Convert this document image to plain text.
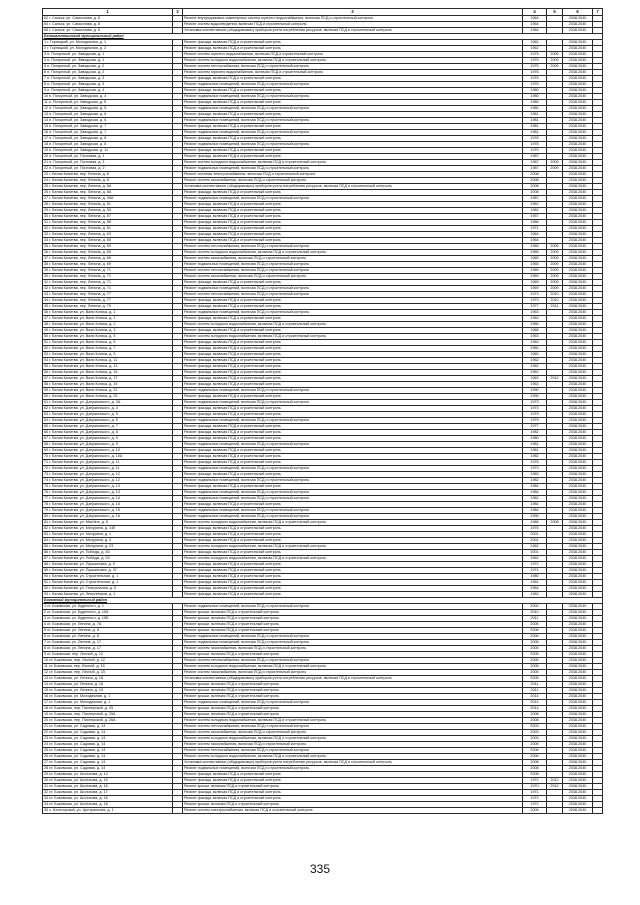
1	2	3	4	5	6	7
62 г. Сальск, ул. Самсонова, д. 8		Ремонт внутридомовых инженерных систем горячего водоснабжения, включая ПСД и строительный контроль	1964		2038-2040	
64 г. Сальск, ул. Самсонова, д. 8		Ремонт систем водоотведения, включая ПСД и строительный контроль	1964		2038-2040	
65 г. Сальск, ул. Самсонова, д. 8		Установка коллективных (общедомовых) приборов учета потребления ресурсов, включая ПСД и строительный контроль	1964		2038-2040	
Белокалитвинский муниципальный район						
1 г. Горняцкий, ул. Молодежная, д. 1		Ремонт фасада, включая ПСД и строительный контроль	1962		2038-2040	
2 г. Горняцкий, ул. Молодежная, д. 2		Ремонт фасада, включая ПСД и строительный контроль	1962		2038-2040	
3 п. Погорелый, ул. Заводская, д. 1		Ремонт систем горячего водоснабжения, включая ПСД и строительный контроль	1975	2009	2038-2040	
4 п. Погорелый, ул. Заводская, д. 1		Ремонт систем холодного водоснабжения, включая ПСД и строительный контроль	1975	2009	2038-2040	
5 п. Погорелый, ул. Заводская, д. 2		Ремонт систем теплоснабжения, включая ПСД и строительный контроль	1975	2009	2038-2040	
6 п. Погорелый, ул. Заводская, д. 2		Ремонт систем горячего водоснабжения, включая ПСД и строительный контроль	1976		2038-2040	
7 п. Погорелый, ул. Заводская, д. 3		Ремонт фасада, включая ПСД и строительный контроль	1976		2038-2040	
8 п. Погорелый, ул. Заводская, д. 3		Ремонт подвальных помещений, включая ПСД и строительный контроль	1976		2038-2040	
9 п. Погорелый, ул. Заводская, д. 4		Ремонт фасада, включая ПСД и строительный контроль	1980		2038-2040	
10 п. Погорелый, ул. Заводская, д. 4		Ремонт подвальных помещений, включая ПСД и строительный контроль	1980		2038-2040	
11 п. Погорелый, ул. Заводская, д. 5		Ремонт фасада, включая ПСД и строительный контроль	1980		2038-2040	
12 п. Погорелый, ул. Заводская, д. 5		Ремонт подвальных помещений, включая ПСД и строительный контроль	1980		2038-2040	
13 п. Погорелый, ул. Заводская, д. 6		Ремонт фасада, включая ПСД и строительный контроль	1981		2038-2040	
14 п. Погорелый, ул. Заводская, д. 6		Ремонт подвальных помещений, включая ПСД и строительный контроль	1981		2038-2040	
15 п. Погорелый, ул. Заводская, д. 7		Ремонт фасада, включая ПСД и строительный контроль	1981		2038-2040	
16 п. Погорелый, ул. Заводская, д. 7		Ремонт подвальных помещений, включая ПСД и строительный контроль	1981		2038-2040	
17 п. Погорелый, ул. Заводская, д. 8		Ремонт фасада, включая ПСД и строительный контроль	1978		2038-2040	
18 п. Погорелый, ул. Заводская, д. 8		Ремонт подвальных помещений, включая ПСД и строительный контроль	1978		2038-2040	
19 п. Погорелый, ул. Заводская, д. 11		Ремонт фасада, включая ПСД и строительный контроль	1979		2038-2040	
20 п. Погорелый, ул. Почтовая, д. 1		Ремонт фасада, включая ПСД и строительный контроль	1987		2038-2040	
21 п. Погорелый, ул. Почтовая, д. 1		Ремонт систем холодного водоснабжения, включая ПСД и строительный контроль	1987	2009	2038-2040	
22 п. Погорелый, ул. Почтовая, д. 2		Ремонт подвальных помещений, включая ПСД и строительный контроль	1987	2009	2038-2040	
23 г. Белая Калитва, пер. Ленина, д. 8		Ремонт системы электроснабжения, включая ПСД и строительный контроль	2008		2038-2040	
24 г. Белая Калитва, пер. Ленина, д. 8		Ремонт систем газоснабжения, включая ПСД и строительный контроль	2008		2038-2040	
25 г. Белая Калитва, пер. Ленина, д. 8А		Установка коллективных (общедомовых) приборов учета потребления ресурсов, включая ПСД и строительный контроль	2008		2038-2040	
26 г. Белая Калитва, пер. Ленина, д. 8А		Ремонт фасада, включая ПСД и строительный контроль	2008		2038-2040	
27 г. Белая Калитва, пер. Ленина, д. 49А		Ремонт подвальных помещений, включая ПСД и строительный контроль	1987		2038-2040	
28 г. Белая Калитва, пер. Ленина, д. 51		Ремонт фасада, включая ПСД и строительный контроль	1962		2038-2040	
29 г. Белая Калитва, пер. Ленина, д. 53		Ремонт фасада, включая ПСД и строительный контроль	1962		2038-2040	
30 г. Белая Калитва, пер. Ленина, д. 57		Ремонт фасада, включая ПСД и строительный контроль	1957		2038-2040	
31 г. Белая Калитва, пер. Ленина, д. 58		Ремонт фасада, включая ПСД и строительный контроль	1966		2038-2040	
32 г. Белая Калитва, пер. Ленина, д. 61		Ремонт фасада, включая ПСД и строительный контроль	1971		2038-2040	
33 г. Белая Калитва, пер. Ленина, д. 63		Ремонт фасада, включая ПСД и строительный контроль	1964		2038-2040	
34 г. Белая Калитва, пер. Ленина, д. 65		Ремонт фасада, включая ПСД и строительный контроль	1964		2038-2040	
35 г. Белая Калитва, пер. Ленина, д. 69		Ремонт систем теплоснабжения, включая ПСД и строительный контроль	1965	2009	2038-2040	
36 г. Белая Калитва, пер. Ленина, д. 69		Ремонт систем холодного водоснабжения, включая ПСД и строительный контроль	1965	2009	2038-2040	
37 г. Белая Калитва, пер. Ленина, д. 69		Ремонт систем газоснабжения, включая ПСД и строительный контроль	1965	2009	2038-2040	
38 г. Белая Калитва, пер. Ленина, д. 69		Ремонт подвальных помещений, включая ПСД и строительный контроль	1965	2009	2038-2040	
39 г. Белая Калитва, пер. Ленина, д. 71		Ремонт систем теплоснабжения, включая ПСД и строительный контроль	1969	2009	2038-2040	
40 г. Белая Калитва, пер. Ленина, д. 71		Ремонт систем газоснабжения, включая ПСД и строительный контроль	1969	2009	2038-2040	
41 г. Белая Калитва, пер. Ленина, д. 71		Ремонт фасада, включая ПСД и строительный контроль	1969	2009	2038-2040	
42 г. Белая Калитва, пер. Ленина, д. 71		Ремонт подвальных помещений, включая ПСД и строительный контроль	1969	2009	2038-2040	
43 г. Белая Калитва, пер. Ленина, д. 77		Ремонт систем теплоснабжения, включая ПСД и строительный контроль	1973	2010	2038-2040	
44 г. Белая Калитва, пер. Ленина, д. 77		Ремонт фасада, включая ПСД и строительный контроль	1973	2010	2038-2040	
45 г. Белая Калитва, пер. Ленина, д. 79		Ремонт фасада, включая ПСД и строительный контроль	1977	2011	2038-2040	
46 г. Белая Калитва, ул. Вали Котика, д. 1		Ремонт подвальных помещений, включая ПСД и строительный контроль	1963		2038-2040	
47 г. Белая Калитва, ул. Вали Котика, д. 1		Ремонт фасада, включая ПСД и строительный контроль	1963		2038-2040	
48 г. Белая Калитва, ул. Вали Котика, д. 2		Ремонт систем холодного водоснабжения, включая ПСД и строительный контроль	1966		2038-2040	
49 г. Белая Калитва, ул. Вали Котика, д. 3		Ремонт фасада, включая ПСД и строительный контроль	1968		2038-2040	
50 г. Белая Калитва, ул. Вали Котика, д. 5		Ремонт систем холодного водоснабжения, включая ПСД и строительный контроль	1963		2038-2040	
51 г. Белая Калитва, ул. Вали Котика, д. 6		Ремонт фасада, включая ПСД и строительный контроль	1963		2038-2040	
52 г. Белая Калитва, ул. Вали Котика, д. 7		Ремонт фасада, включая ПСД и строительный контроль	1960		2038-2040	
53 г. Белая Калитва, ул. Вали Котика, д. 9		Ремонт фасада, включая ПСД и строительный контроль	1960		2038-2040	
54 г. Белая Калитва, ул. Вали Котика, д. 11		Ремонт фасада, включая ПСД и строительный контроль	1962		2038-2040	
55 г. Белая Калитва, ул. Вали Котика, д. 13		Ремонт фасада, включая ПСД и строительный контроль	1962		2038-2040	
56 г. Белая Калитва, ул. Вали Котика, д. 15		Ремонт фасада, включая ПСД и строительный контроль	1962		2038-2040	
57 г. Белая Калитва, ул. Вали Котика, д. 17		Ремонт фасада, включая ПСД и строительный контроль	1963	2012	2038-2040	
58 г. Белая Калитва, ул. Вали Котика, д. 19		Ремонт фасада, включая ПСД и строительный контроль	1963		2038-2040	
59 г. Белая Калитва, ул. Вали Котика, д. 22		Ремонт подвальных помещений, включая ПСД и строительный контроль	1990		2038-2040	
60 г. Белая Калитва, ул. Вали Котика, д. 23		Ремонт фасада, включая ПСД и строительный контроль	1990		2038-2040	
61 г. Белая Калитва, ул. Дзержинского, д. 3А		Ремонт подвальных помещений, включая ПСД и строительный контроль	1973		2038-2040	
62 г. Белая Калитва, ул. Дзержинского, д. 4		Ремонт фасада, включая ПСД и строительный контроль	1973		2038-2040	
63 г. Белая Калитва, ул. Дзержинского, д. 5		Ремонт фасада, включая ПСД и строительный контроль	1979		2038-2040	
64 г. Белая Калитва, ул. Дзержинского, д. 5		Ремонт подвальных помещений, включая ПСД и строительный контроль	1979		2038-2040	
65 г. Белая Калитва, ул. Дзержинского, д. 7		Ремонт фасада, включая ПСД и строительный контроль	1977		2038-2040	
66 г. Белая Калитва, ул. Дзержинского, д. 8		Ремонт фасада, включая ПСД и строительный контроль	1982		2038-2040	
67 г. Белая Калитва, ул. Дзержинского, д. 9		Ремонт фасада, включая ПСД и строительный контроль	1980		2038-2040	
68 г. Белая Калитва, ул. Дзержинского, д. 9		Ремонт подвальных помещений, включая ПСД и строительный контроль	1981		2038-2040	
69 г. Белая Калитва, ул. Дзержинского, д. 10		Ремонт фасада, включая ПСД и строительный контроль	1981		2038-2040	
70 г. Белая Калитва, ул. Дзержинского, д. 10А		Ремонт фасада, включая ПСД и строительный контроль	1982		2038-2040	
71 г. Белая Калитва, ул. Дзержинского, д. 11		Ремонт фасада, включая ПСД и строительный контроль	1976		2038-2040	
72 г. Белая Калитва, ул. Дзержинского, д. 11		Ремонт подвальных помещений, включая ПСД и строительный контроль	1973		2038-2040	
73 г. Белая Калитва, ул. Дзержинского, д. 12		Ремонт фасада, включая ПСД и строительный контроль	1983		2038-2040	
74 г. Белая Калитва, ул. Дзержинского, д. 12		Ремонт подвальных помещений, включая ПСД и строительный контроль	1982		2038-2040	
75 г. Белая Калитва, ул. Дзержинского, д. 13		Ремонт фасада, включая ПСД и строительный контроль	1984		2038-2040	
76 г. Белая Калитва, ул. Дзержинского, д. 13		Ремонт подвальных помещений, включая ПСД и строительный контроль	1984		2038-2040	
77 г. Белая Калитва, ул. Дзержинского, д. 14		Ремонт подвальных помещений, включая ПСД и строительный контроль	1982		2038-2040	
78 г. Белая Калитва, ул. Дзержинского, д. 15		Ремонт фасада, включая ПСД и строительный контроль	1984		2038-2040	
79 г. Белая Калитва, ул. Дзержинского, д. 15		Ремонт подвальных помещений, включая ПСД и строительный контроль	1984		2038-2040	
80 г. Белая Калитва, ул. Дзержинского, д. 16		Ремонт подвальных помещений, включая ПСД и строительный контроль	1990		2038-2040	
81 г. Белая Калитва, ул. Machine, д. 5		Ремонт систем холодного водоснабжения, включая ПСД и строительный контроль	1966	2008	2038-2040	
82 г. Белая Калитва, ул. Мичурина, д. 14б		Ремонт фасада, включая ПСД и строительный контроль	1975		2038-2040	
83 г. Белая Калитва, ул. Мичурина, д. 1		Ремонт фасада, включая ПСД и строительный контроль	2001		2038-2040	
84 г. Белая Калитва, ул. Мичурина, д. 3		Ремонт фасада, включая ПСД и строительный контроль	2001		2038-2040	
85 г. Белая Калитва, ул. Мичурина, д. 23		Ремонт систем холодного водоснабжения, включая ПСД и строительный контроль	1962		2038-2040	
86 г. Белая Калитва, ул. Победы, д. 40		Ремонт фасада, включая ПСД и строительный контроль	2001		2038-2040	
87 г. Белая Калитва, ул. Победы, д. 52		Ремонт систем холодного водоснабжения, включая ПСД и строительный контроль	1962		2038-2040	
88 г. Белая Калитва, ул. Пушкинская, д. 9		Ремонт фасада, включая ПСД и строительный контроль	1972		2038-2040	
89 г. Белая Калитва, ул. Пушкинская, д. 37		Ремонт фасада, включая ПСД и строительный контроль	1974		2038-2040	
90 г. Белая Калитва, ул. Строительная, д. 1		Ремонт фасада, включая ПСД и строительный контроль	1980		2038-2040	
91 г. Белая Калитва, ул. Строительная, д. 1		Ремонт фасада, включая ПСД и строительный контроль	1961		2038-2040	
92 г. Белая Калитва, ул. Театральная, д. 5		Ремонт фасада, включая ПСД и строительный контроль	1964		2038-2040	
93 г. Белая Калитва, ул. Энергетиков, д. 1		Ремонт фасада, включая ПСД и строительный контроль	1962		2038-2040	
Боковский муниципальный район						
1 ст. Боковская, ул. Буденного, д. 1		Ремонт подвальных помещений, включая ПСД и строительный контроль	2002		2038-2040	
2 ст. Боковская, ул. Буденного, д. 15А		Ремонт крыши, включая ПСД и строительный контроль	2010		2038-2040	
3 ст. Боковская, ул. Буденного, д. 15Б		Ремонт крыши, включая ПСД и строительный контроль	2011		2038-2040	
4 ст. Боковская, ул. Ленина, д. 7А		Ремонт крыши, включая ПСД и строительный контроль	2006		2038-2040	
5 ст. Боковская, ул. Ленина, д. 8		Ремонт крыши, включая ПСД и строительный контроль	2006		2038-2040	
6 ст. Боковская, ул. Ленина, д. 8		Ремонт подвальных помещений, включая ПСД и строительный контроль	2006		2038-2040	
7 ст. Боковская, ул. Ленина, д. 17		Ремонт подвальных помещений, включая ПСД и строительный контроль	2005		2038-2040	
8 ст. Боковская, ул. Ленина, д. 17		Ремонт систем газоснабжения, включая ПСД и строительный контроль	2005		2038-2040	
9 ст. Боковская, пер. Лесной, д. 12		Ремонт крыши, включая ПСД и строительный контроль	2005		2038-2040	
10 ст. Боковская, пер. Лесной, д. 12		Ремонт систем теплоснабжения, включая ПСД и строительный контроль	2005		2038-2040	
11 ст. Боковская, пер. Лесной, д. 15		Ремонт систем холодного водоснабжения, включая ПСД и строительный контроль	2005		2038-2040	
12 ст. Боковская, пер. Лесной, д. 15		Ремонт систем газоснабжения, включая ПСД и строительный контроль	2005		2038-2040	
13 ст. Боковская, ул. Ленина, д. 18		Установка коллективных (общедомовых) приборов учета потребления ресурсов, включая ПСД и строительный контроль	2005		2038-2040	
14 ст. Боковская, ул. Ленина, д. 18		Ремонт крыши, включая ПСД и строительный контроль	2011		2038-2040	
15 ст. Боковская, ул. Ленина, д. 19		Ремонт крыши, включая ПСД и строительный контроль	2011		2038-2040	
16 ст. Боковская, ул. Молодежная, д. 1		Ремонт крыши, включая ПСД и строительный контроль	2014		2038-2040	
17 ст. Боковская, ул. Молодежная, д. 1		Ремонт подвальных помещений, включая ПСД и строительный контроль	2014		2038-2040	
18 ст. Боковская, пер. Пионерский, д. 25		Ремонт крыши, включая ПСД и строительный контроль	2014		2038-2040	
19 ст. Боковская, пер. Пионерский, д. 25А		Ремонт крыши, включая ПСД и строительный контроль	2008		2038-2040	
20 ст. Боковская, пер. Пионерский, д. 26А		Ремонт систем холодного водоснабжения, включая ПСД и строительный контроль	2008		2038-2040	
21 ст. Боковская, ул. Садовая, д. 14		Ремонт систем теплоснабжения, включая ПСД и строительный контроль	2003		2038-2040	
22 ст. Боковская, ул. Садовая, д. 14		Ремонт систем газоснабжения, включая ПСД и строительный контроль	2003		2038-2040	
23 ст. Боковская, ул. Садовая, д. 14		Ремонт систем холодного водоснабжения, включая ПСД и строительный контроль	2003		2038-2040	
24 ст. Боковская, ул. Садовая, д. 14		Ремонт систем газоснабжения, включая ПСД и строительный контроль	2006		2038-2040	
25 ст. Боковская, ул. Садовая, д. 14		Ремонт систем теплоснабжения, включая ПСД и строительный контроль	2006		2038-2040	
26 ст. Боковская, ул. Садовая, д. 14		Ремонт систем холодного водоснабжения, включая ПСД и строительный контроль	2006		2038-2040	
27 ст. Боковская, ул. Садовая, д. 14		Установка коллективных (общедомовых) приборов учета потребления ресурсов, включая ПСД и строительный контроль	2008		2038-2040	
28 ст. Боковская, ул. Садовая, д. 14		Ремонт подвальных помещений, включая ПСД и строительный контроль	2008		2038-2040	
29 ст. Боковская, ул. Шолохова, д. 14		Ремонт фасада, включая ПСД и строительный контроль	2008		2038-2040	
30 ст. Боковская, ул. Шолохова, д. 15		Ремонт фасада, включая ПСД и строительный контроль	1972	2012	2038-2040	
31 ст. Боковская, ул. Шолохова, д. 16		Ремонт крыши, включая ПСД и строительный контроль	1970	2012	2038-2040	
32 ст. Боковская, ул. Шолохова, д. 17		Ремонт фасада, включая ПСД и строительный контроль	1971		2038-2040	
33 ст. Боковская, ул. Шолохова, д. 18		Ремонт фасада, включая ПСД и строительный контроль	1972		2038-2040	
34 ст. Боковская, ул. Шолохова, д. 18		Ремонт крыши, включая ПСД и строительный контроль	1972		2038-2040	
35 х. Белогорский, ул. Центральная, д. 1		Ремонт систем электроснабжения, включая ПСД и строительный контроль	2006		2038-2040	
335
